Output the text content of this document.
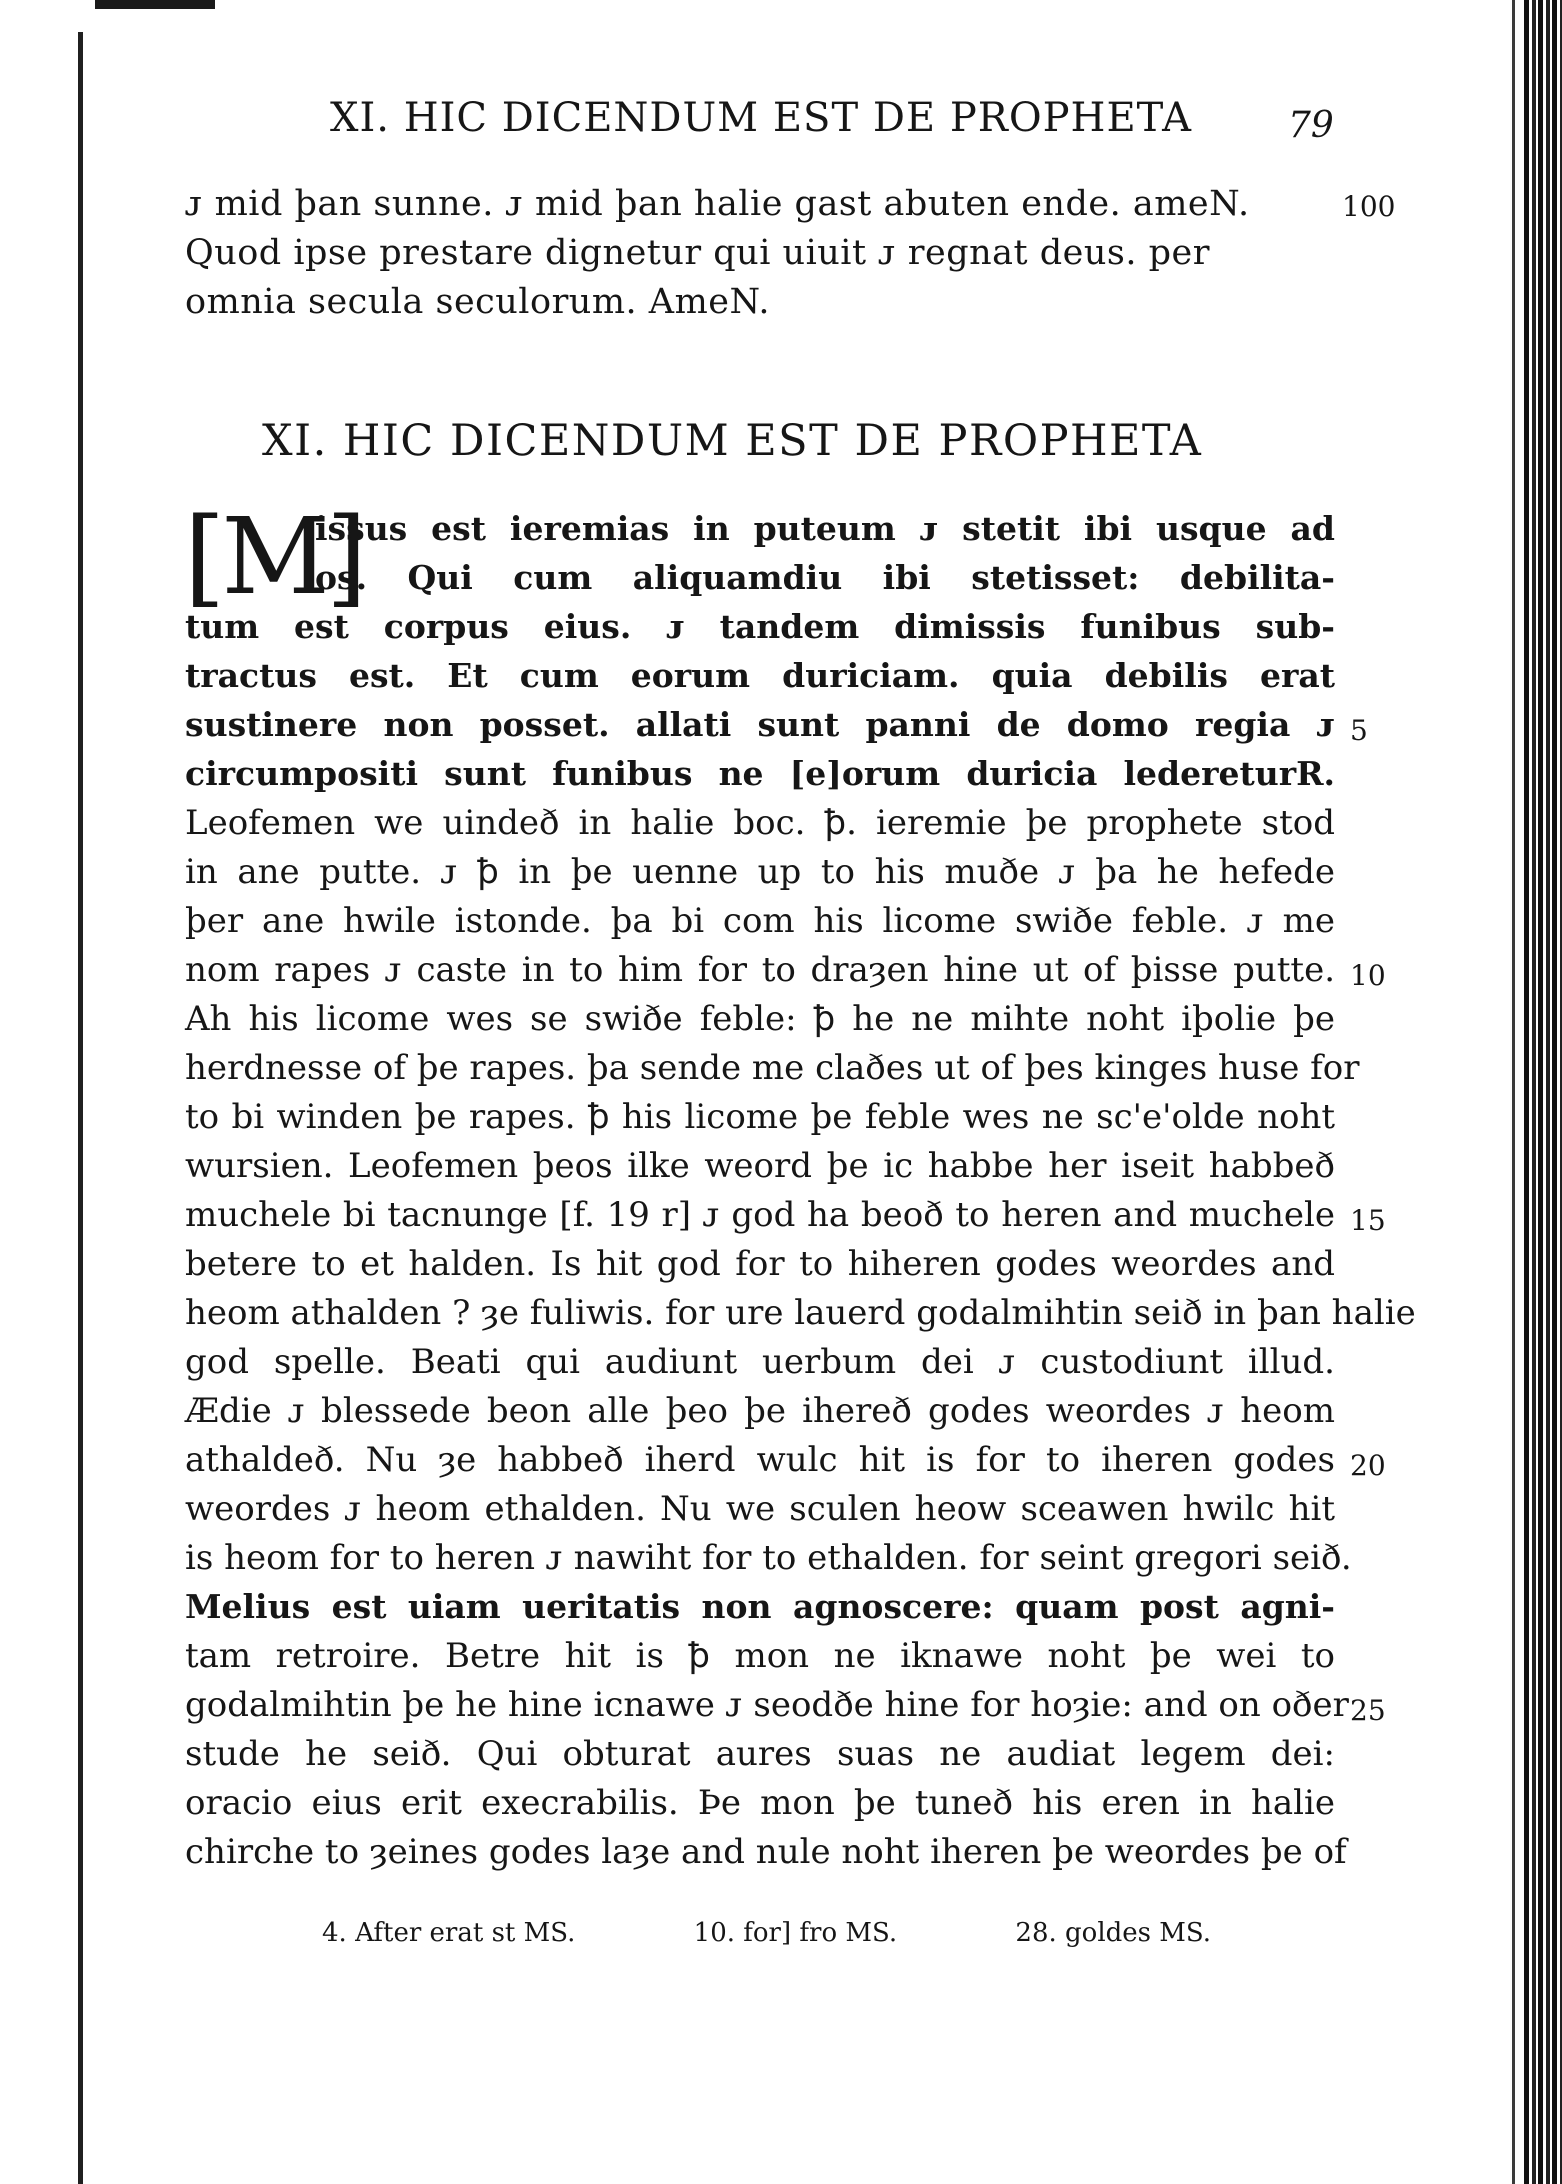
XI. HIC DICENDUM EST DE PROPHETA	79
ᴊ mid þan sunne. ᴊ mid þan halie gast abuten ende. ameN.	100
Quod ipse prestare dignetur qui uiuit ᴊ regnat deus. per
omnia secula seculorum. AmeN.
XI. HIC DICENDUM EST DE PROPHETA
[M]
issus est ieremias in puteum ᴊ stetit ibi usque ad
os. Qui cum aliquamdiu ibi stetisset: debilita-
tum est corpus eius. ᴊ tandem dimissis funibus sub-
tractus est. Et cum eorum duriciam. quia debilis erat
sustinere non posset. allati sunt panni de domo regia ᴊ 5
circumpositi sunt funibus ne [e]orum duricia ledereturR.
Leofemen we uindeð in halie boc. ꝥ. ieremie þe prophete stod
in ane putte. ᴊ ꝥ in þe uenne up to his muðe ᴊ þa he hefede
þer ane hwile istonde. þa bi com his licome swiðe feble. ᴊ me
nom rapes ᴊ caste in to him for to draȝen hine ut of þisse putte. 10
Ah his licome wes se swiðe feble: ꝥ he ne mihte noht iþolie þe
herdnesse of þe rapes. þa sende me claðes ut of þes kinges huse for
to bi winden þe rapes. ꝥ his licome þe feble wes ne sc'e'olde noht
wursien. Leofemen þeos ilke weord þe ic habbe her iseit habbeð
muchele bi tacnunge [f. 19 r] ᴊ god ha beoð to heren and muchele 15
betere to et halden. Is hit god for to hiheren godes weordes and
heom athalden ? ȝe fuliwis. for ure lauerd godalmihtin seið in þan halie
god spelle. Beati qui audiunt uerbum dei ᴊ custodiunt illud.
Ædie ᴊ blessede beon alle þeo þe ihereð godes weordes ᴊ heom
athaldeð. Nu ȝe habbeð iherd wulc hit is for to iheren godes 20
weordes ᴊ heom ethalden. Nu we sculen heow sceawen hwilc hit
is heom for to heren ᴊ nawiht for to ethalden. for seint gregori seið.
Melius est uiam ueritatis non agnoscere: quam post agni-
tam retroire. Betre hit is ꝥ mon ne iknawe noht þe wei to
godalmihtin þe he hine icnawe ᴊ seodðe hine for hoȝie: and on oðer 25
stude he seið. Qui obturat aures suas ne audiat legem dei:
oracio eius erit execrabilis. Þe mon þe tuneð his eren in halie
chirche to ȝeines godes laȝe and nule noht iheren þe weordes þe of
4. After erat st MS.	10. for] fro MS.	28. goldes MS.
